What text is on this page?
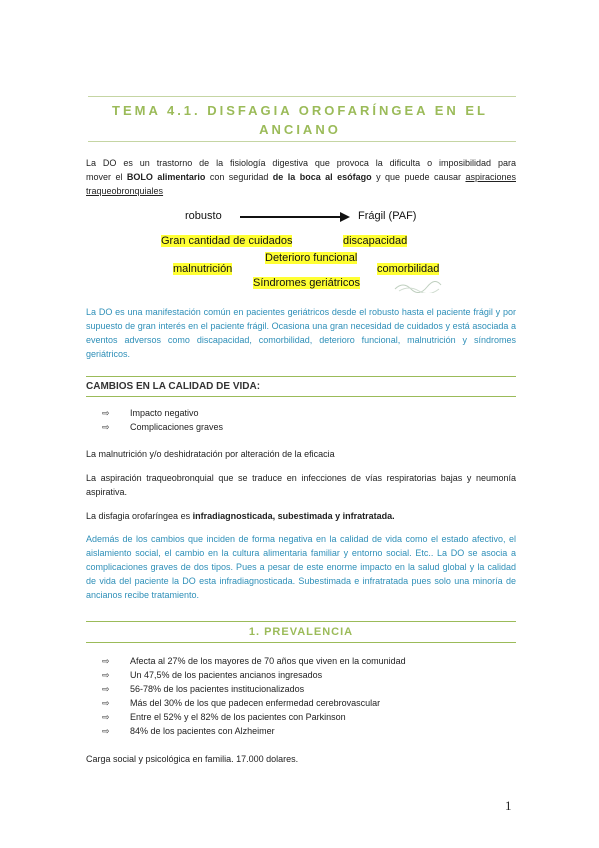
TEMA 4.1. DISFAGIA OROFARÍNGEA EN EL
ANCIANO
La DO es un trastorno de la fisiología digestiva que provoca la dificulta o imposibilidad para
mover el BOLO alimentario con seguridad de la boca al esófago y que puede causar aspiraciones
traqueobronquiales
robusto	Frágil (PAF)
Gran cantidad de cuidados	discapacidad
Deterioro funcional
malnutrición	comorbilidad
Síndromes geriátricos
La DO es una manifestación común en pacientes geriátricos desde el robusto hasta el paciente frágil y por supuesto de gran interés en el paciente frágil. Ocasiona una gran necesidad de cuidados y está asociada a eventos adversos como discapacidad, comorbilidad, deterioro funcional, malnutrición y síndromes geriátricos.
CAMBIOS EN LA CALIDAD DE VIDA:
⇨	Impacto negativo
⇨	Complicaciones graves
La malnutrición y/o deshidratación por alteración de la eficacia
La aspiración traqueobronquial que se traduce en infecciones de vías respiratorias bajas y neumonía aspirativa.
La disfagia orofaríngea es infradiagnosticada, subestimada y infratratada.
Además de los cambios que inciden de forma negativa en la calidad de vida como el estado afectivo, el aislamiento social, el cambio en la cultura alimentaria familiar y entorno social. Etc.. La DO se asocia a complicaciones graves de dos tipos. Pues a pesar de este enorme impacto en la salud global y la calidad de vida del paciente la DO esta infradiagnosticada. Subestimada e infratratada pues solo una minoría de ancianos recibe tratamiento.
1. PREVALENCIA
⇨	Afecta al 27% de los mayores de 70 años que viven en la comunidad
⇨	Un 47,5% de los pacientes ancianos ingresados
⇨	56-78% de los pacientes institucionalizados
⇨	Más del 30% de los que padecen enfermedad cerebrovascular
⇨	Entre el 52% y el 82% de los pacientes con Parkinson
⇨	84% de los pacientes con Alzheimer
Carga social y psicológica en familia. 17.000 dolares.
1
